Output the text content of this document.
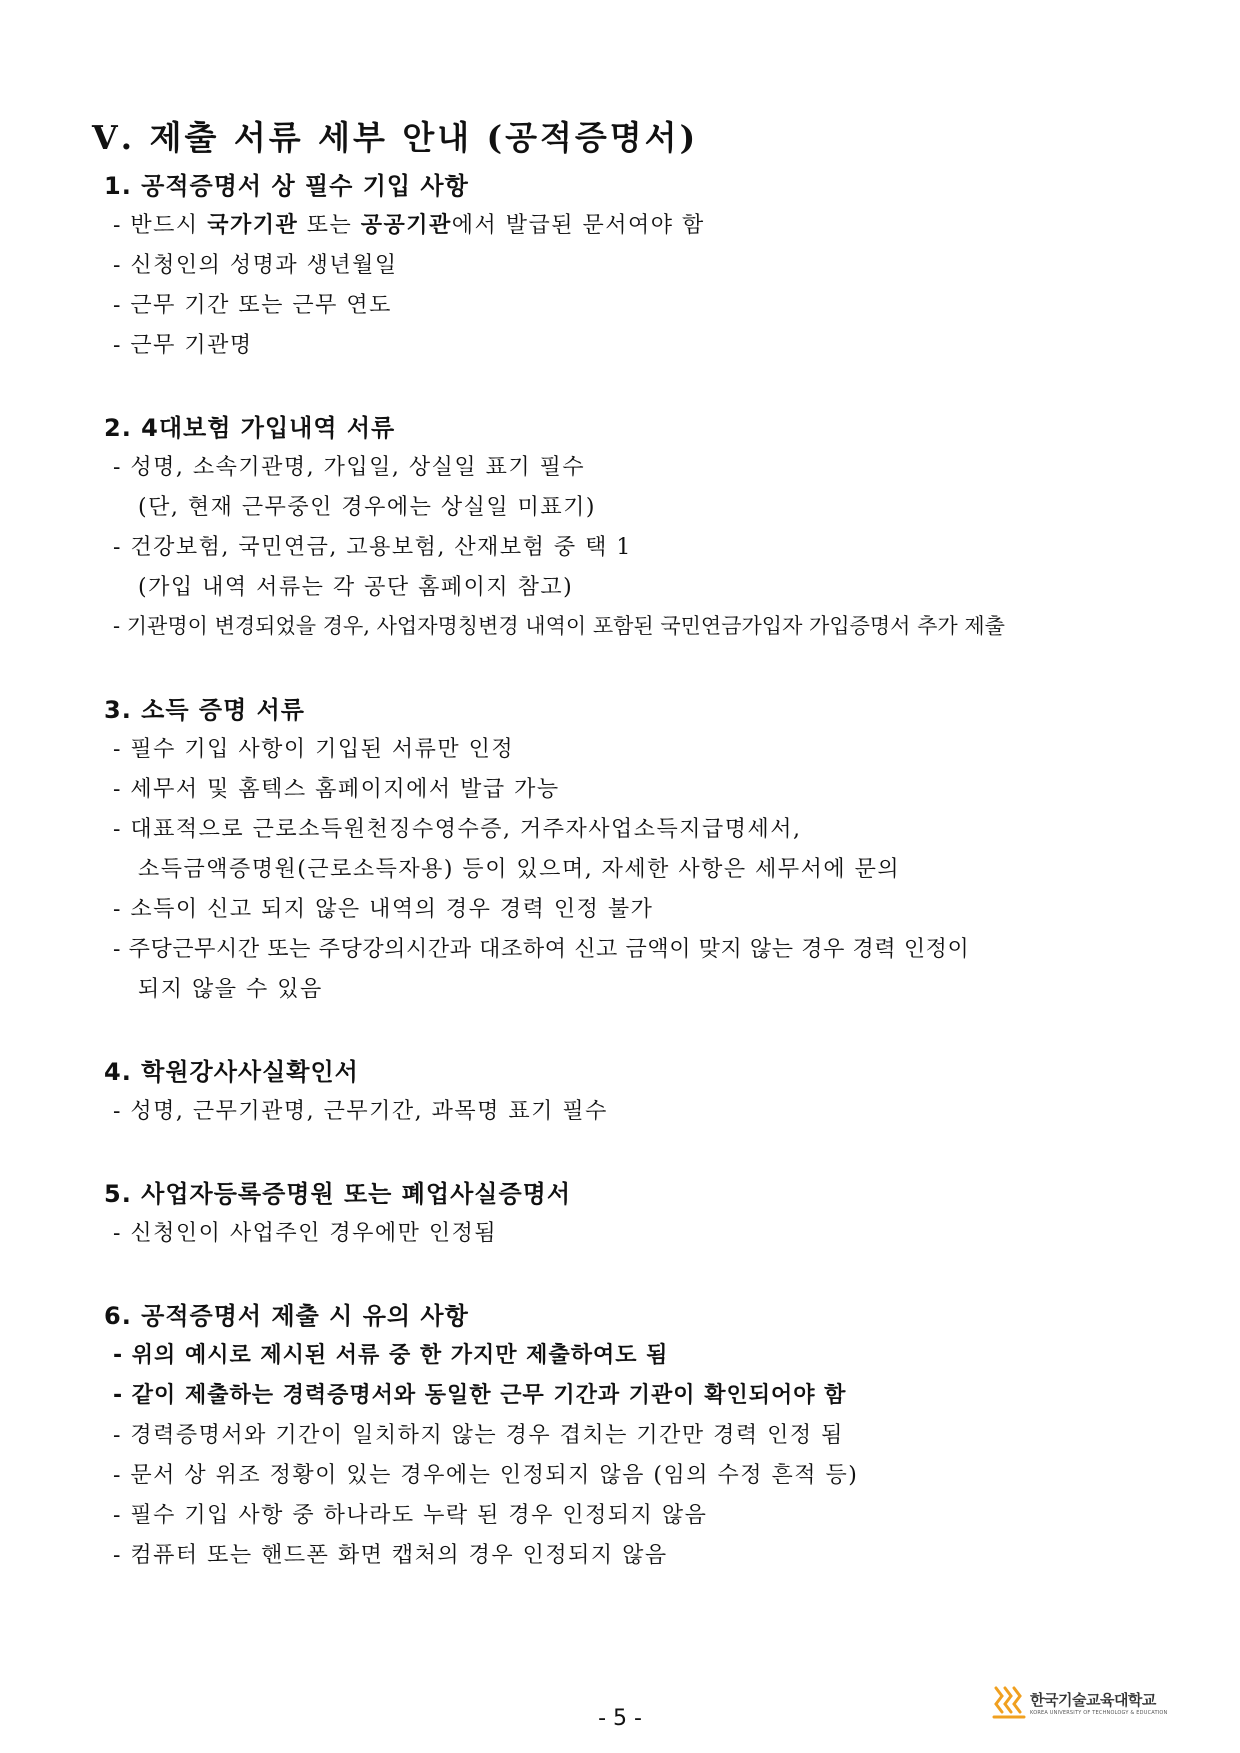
Ⅴ. 제출 서류 세부 안내 (공적증명서)
1. 공적증명서 상 필수 기입 사항
- 반드시 국가기관 또는 공공기관에서 발급된 문서여야 함
- 신청인의 성명과 생년월일
- 근무 기간 또는 근무 연도
- 근무 기관명
2. 4대보험 가입내역 서류
- 성명, 소속기관명, 가입일, 상실일 표기 필수
(단, 현재 근무중인 경우에는 상실일 미표기)
- 건강보험, 국민연금, 고용보험, 산재보험 중 택 1
(가입 내역 서류는 각 공단 홈페이지 참고)
- 기관명이 변경되었을 경우, 사업자명칭변경 내역이 포함된 국민연금가입자 가입증명서 추가 제출
3. 소득 증명 서류
- 필수 기입 사항이 기입된 서류만 인정
- 세무서 및 홈텍스 홈페이지에서 발급 가능
- 대표적으로 근로소득원천징수영수증, 거주자사업소득지급명세서,
소득금액증명원(근로소득자용) 등이 있으며, 자세한 사항은 세무서에 문의
- 소득이 신고 되지 않은 내역의 경우 경력 인정 불가
- 주당근무시간 또는 주당강의시간과 대조하여 신고 금액이 맞지 않는 경우 경력 인정이
되지 않을 수 있음
4. 학원강사사실확인서
- 성명, 근무기관명, 근무기간, 과목명 표기 필수
5. 사업자등록증명원 또는 폐업사실증명서
- 신청인이 사업주인 경우에만 인정됨
6. 공적증명서 제출 시 유의 사항
- 위의 예시로 제시된 서류 중 한 가지만 제출하여도 됨
- 같이 제출하는 경력증명서와 동일한 근무 기간과 기관이 확인되어야 함
- 경력증명서와 기간이 일치하지 않는 경우 겹치는 기간만 경력 인정 됨
- 문서 상 위조 정황이 있는 경우에는 인정되지 않음 (임의 수정 흔적 등)
- 필수 기입 사항 중 하나라도 누락 된 경우 인정되지 않음
- 컴퓨터 또는 핸드폰 화면 캡처의 경우 인정되지 않음
- 5 -
한국기술교육대학교
KOREA UNIVERSITY OF TECHNOLOGY & EDUCATION
